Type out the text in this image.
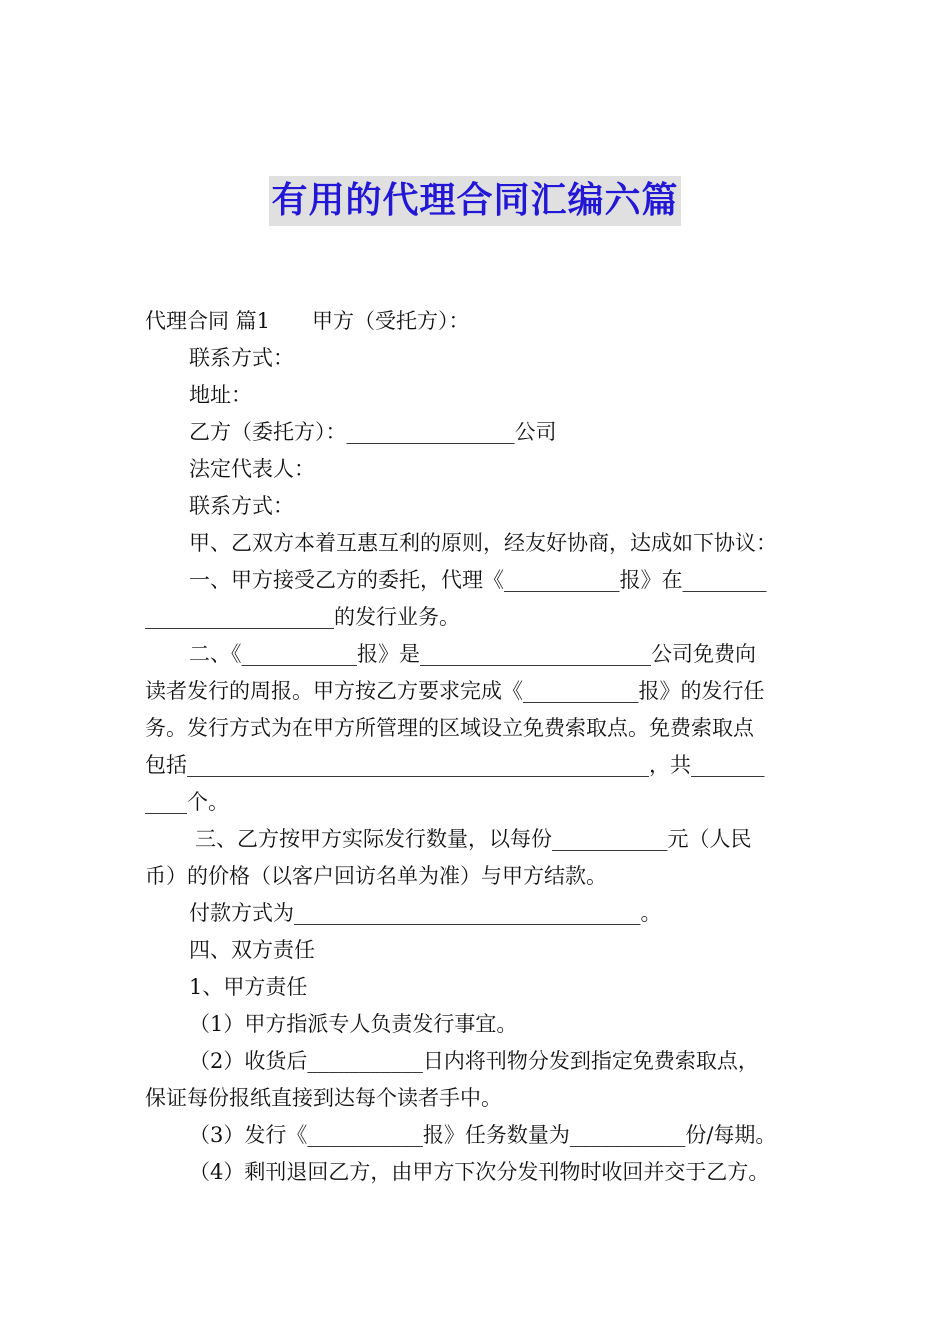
有用的代理合同汇编六篇
代理合同 篇1　　甲方（受托方）：
联系方式：
地址：
乙方（委托方）：________________公司
法定代表人：
联系方式：
甲、乙双方本着互惠互利的原则，经友好协商，达成如下协议：
一、甲方接受乙方的委托，代理《___________报》在________
__________________的发行业务。
二、《___________报》是______________________公司免费向
读者发行的周报。甲方按乙方要求完成《___________报》的发行任
务。发行方式为在甲方所管理的区域设立免费索取点。免费索取点
包括____________________________________________，共_______
____个。
三、乙方按甲方实际发行数量，以每份___________元（人民
币）的价格（以客户回访名单为准）与甲方结款。
付款方式为_________________________________。
四、双方责任
1、甲方责任
（1）甲方指派专人负责发行事宜。
（2）收货后___________日内将刊物分发到指定免费索取点，
保证每份报纸直接到达每个读者手中。
（3）发行《___________报》任务数量为___________份/每期。
（4）剩刊退回乙方，由甲方下次分发刊物时收回并交于乙方。
